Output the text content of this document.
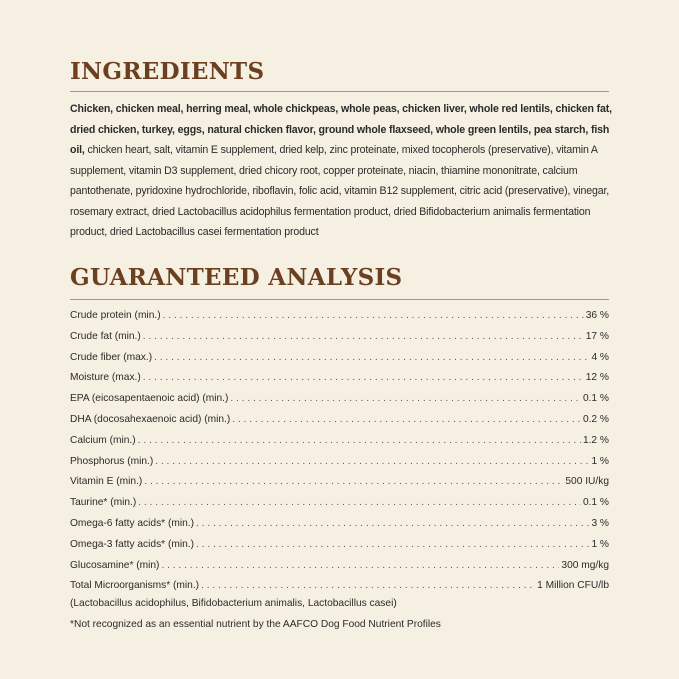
INGREDIENTS

Chicken, chicken meal, herring meal, whole chickpeas, whole peas, chicken liver, whole red lentils, chicken fat, dried chicken, turkey, eggs, natural chicken flavor, ground whole flaxseed, whole green lentils, pea starch, fish oil, chicken heart, salt, vitamin E supplement, dried kelp, zinc proteinate, mixed tocopherols (preservative), vitamin A supplement, vitamin D3 supplement, dried chicory root, copper proteinate, niacin, thiamine mononitrate, calcium pantothenate, pyridoxine hydrochloride, riboflavin, folic acid, vitamin B12 supplement, citric acid (preservative), vinegar, rosemary extract, dried Lactobacillus acidophilus fermentation product, dried Bifidobacterium animalis fermentation product, dried Lactobacillus casei fermentation product

GUARANTEED ANALYSIS
Crude protein (min.) . . .	36 %
Crude fat (min.) . . .	17 %
Crude fiber (max.) . . .	4 %
Moisture (max.) . . .	12 %
EPA (eicosapentaenoic acid) (min.) . . .	0.1 %
DHA (docosahexaenoic acid) (min.) . . .	0.2 %
Calcium (min.) . . .	1.2 %
Phosphorus (min.) . . .	1 %
Vitamin E (min.) . . .	500 IU/kg
Taurine* (min.) . . .	0.1 %
Omega-6 fatty acids* (min.) . . .	3 %
Omega-3 fatty acids* (min.) . . .	1 %
Glucosamine* (min) . . .	300 mg/kg
Total Microorganisms* (min.) . . .	1 Million CFU/lb

(Lactobacillus acidophilus, Bifidobacterium animalis, Lactobacillus casei)

*Not recognized as an essential nutrient by the AAFCO Dog Food Nutrient Profiles
